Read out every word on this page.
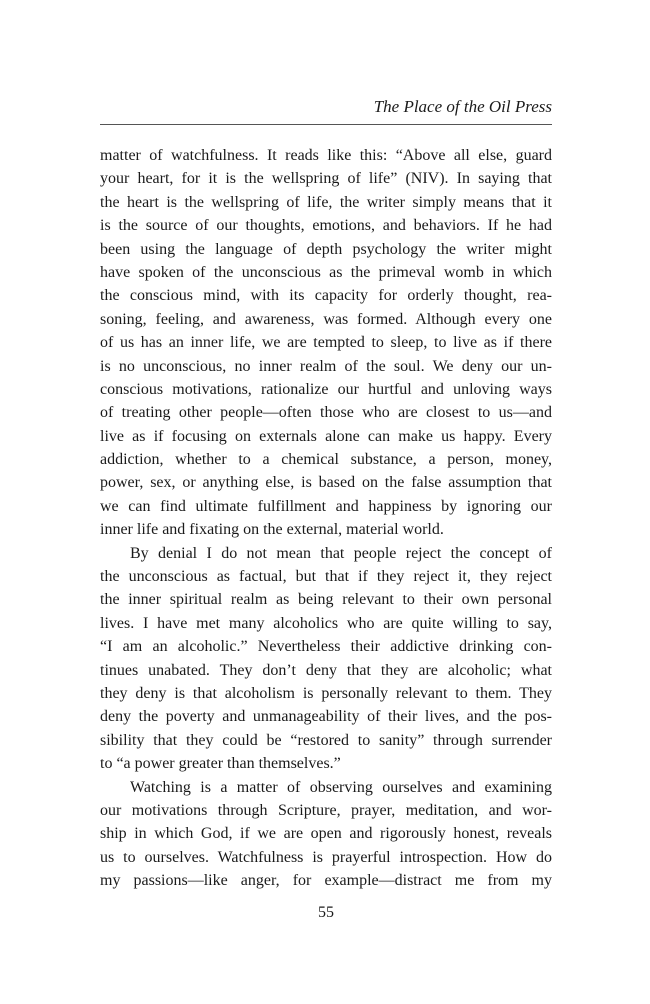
The Place of the Oil Press
matter of watchfulness. It reads like this: “Above all else, guard
your heart, for it is the wellspring of life” (NIV). In saying that
the heart is the wellspring of life, the writer simply means that it
is the source of our thoughts, emotions, and behaviors. If he had
been using the language of depth psychology the writer might
have spoken of the unconscious as the primeval womb in which
the conscious mind, with its capacity for orderly thought, rea-
soning, feeling, and awareness, was formed. Although every one
of us has an inner life, we are tempted to sleep, to live as if there
is no unconscious, no inner realm of the soul. We deny our un-
conscious motivations, rationalize our hurtful and unloving ways
of treating other people—often those who are closest to us—and
live as if focusing on externals alone can make us happy. Every
addiction, whether to a chemical substance, a person, money,
power, sex, or anything else, is based on the false assumption that
we can find ultimate fulfillment and happiness by ignoring our
inner life and fixating on the external, material world.
By denial I do not mean that people reject the concept of
the unconscious as factual, but that if they reject it, they reject
the inner spiritual realm as being relevant to their own personal
lives. I have met many alcoholics who are quite willing to say,
“I am an alcoholic.” Nevertheless their addictive drinking con-
tinues unabated. They don’t deny that they are alcoholic; what
they deny is that alcoholism is personally relevant to them. They
deny the poverty and unmanageability of their lives, and the pos-
sibility that they could be “restored to sanity” through surrender
to “a power greater than themselves.”
Watching is a matter of observing ourselves and examining
our motivations through Scripture, prayer, meditation, and wor-
ship in which God, if we are open and rigorously honest, reveals
us to ourselves. Watchfulness is prayerful introspection. How do
my passions—like anger, for example—distract me from my
55
